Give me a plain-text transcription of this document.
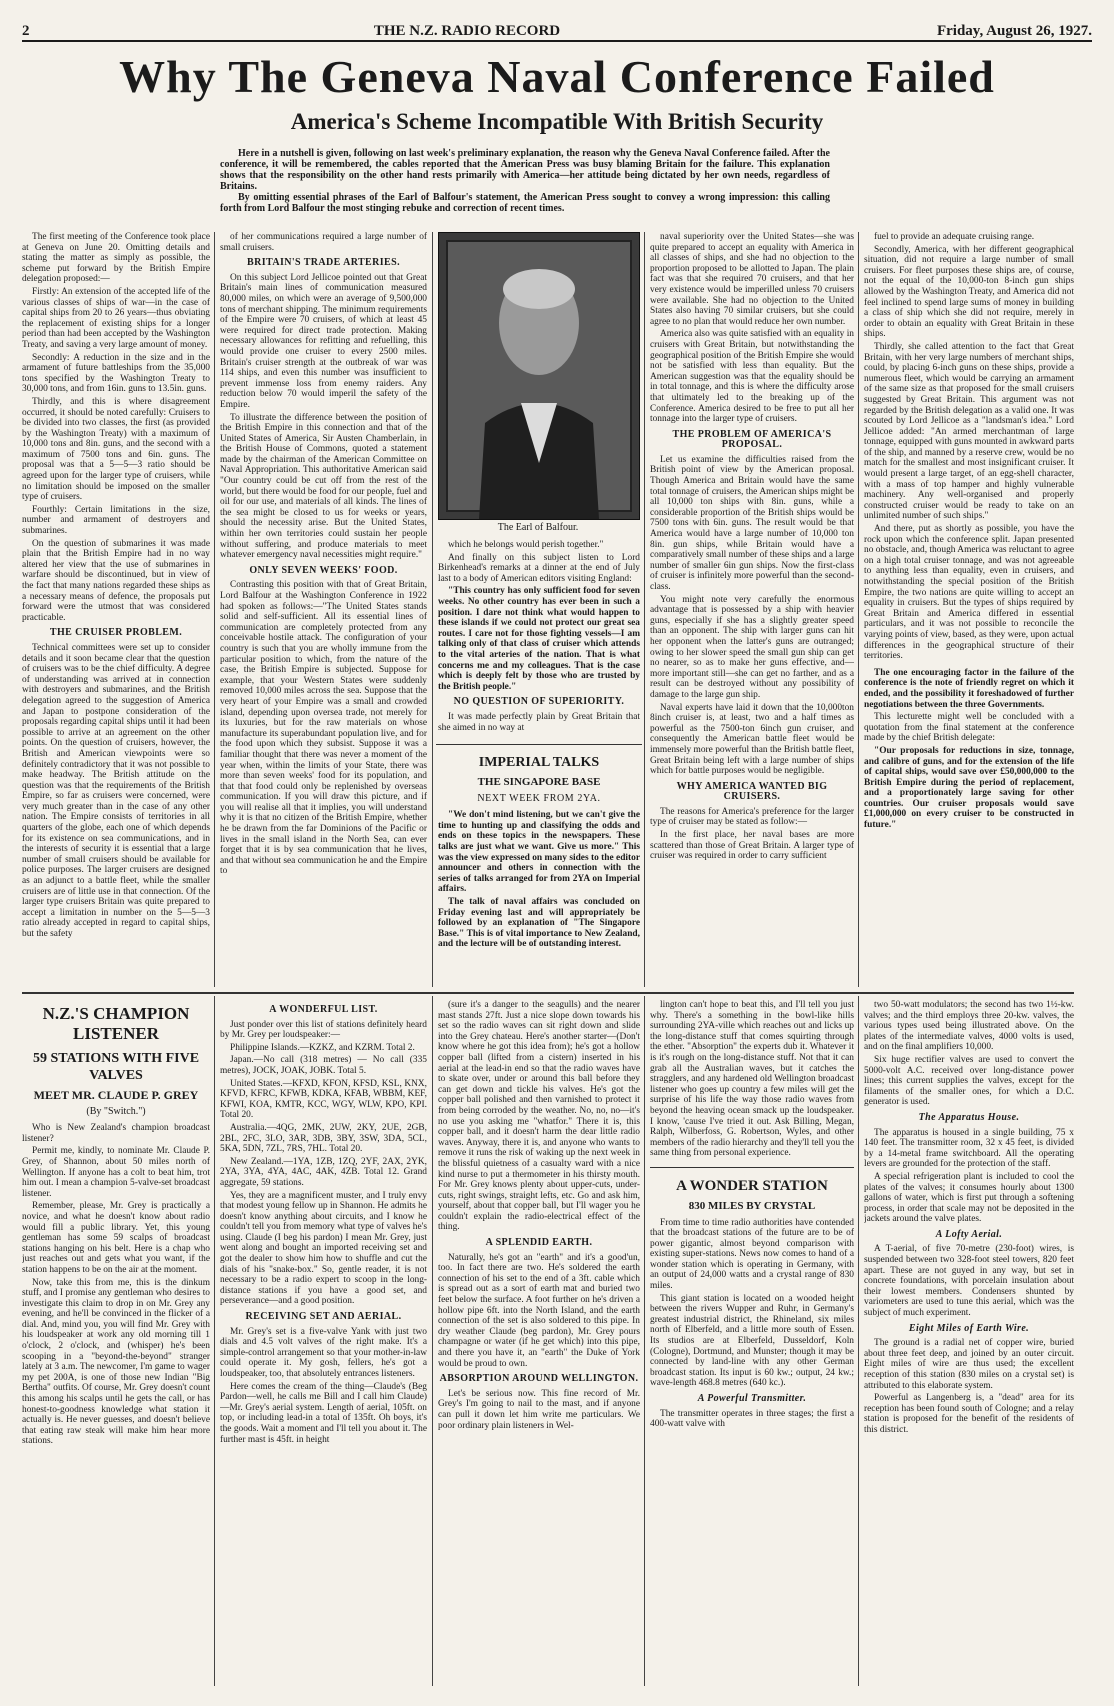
2	THE N.Z. RADIO RECORD	Friday, August 26, 1927.
Why The Geneva Naval Conference Failed
America's Scheme Incompatible With British Security

Here in a nutshell is given, following on last week's preliminary explanation, the reason why the Geneva Naval Conference failed. After the conference, it will be remembered, the cables reported that the American Press was busy blaming Britain for the failure. This explanation shows that the responsibility on the other hand rests primarily with America—her attitude being dictated by her own needs, regardless of Britains.

By omitting essential phrases of the Earl of Balfour's statement, the American Press sought to convey a wrong impression: this calling forth from Lord Balfour the most stinging rebuke and correction of recent times.

The first meeting of the Conference took place at Geneva on June 20. Omitting details and stating the matter as simply as possible, the scheme put forward by the British Empire delegation proposed:—

Firstly: An extension of the accepted life of the various classes of ships of war—in the case of capital ships from 20 to 26 years—thus obviating the replacement of existing ships for a longer period than had been accepted by the Washington Treaty, and saving a very large amount of money.

Secondly: A reduction in the size and in the armament of future battleships from the 35,000 tons specified by the Washington Treaty to 30,000 tons, and from 16in. guns to 13.5in. guns.

Thirdly, and this is where disagreement occurred, it should be noted carefully: Cruisers to be divided into two classes, the first (as provided by the Washington Treaty) with a maximum of 10,000 tons and 8in. guns, and the second with a maximum of 7500 tons and 6in. guns. The proposal was that a 5—5—3 ratio should be agreed upon for the larger type of cruisers, while no limitation should be imposed on the smaller type of cruisers.

Fourthly: Certain limitations in the size, number and armament of destroyers and submarines.

On the question of submarines it was made plain that the British Empire had in no way altered her view that the use of submarines in warfare should be discontinued, but in view of the fact that many nations regarded these ships as a necessary means of defence, the proposals put forward were the utmost that was considered practicable.

THE CRUISER PROBLEM.

Technical committees were set up to consider details and it soon became clear that the question of cruisers was to be the chief difficulty. A degree of understanding was arrived at in connection with destroyers and submarines, and the British delegation agreed to the suggestion of America and Japan to postpone consideration of the proposals regarding capital ships until it had been possible to arrive at an agreement on the other points. On the question of cruisers, however, the British and American viewpoints were so definitely contradictory that it was not possible to make headway. The British attitude on the question was that the requirements of the British Empire, so far as cruisers were concerned, were very much greater than in the case of any other nation. The Empire consists of territories in all quarters of the globe, each one of which depends for its existence on sea communications, and in the interests of security it is essential that a large number of small cruisers should be available for police purposes. The larger cruisers are designed as an adjunct to a battle fleet, while the smaller cruisers are of little use in that connection. Of the larger type cruisers Britain was quite prepared to accept a limitation in number on the 5—5—3 ratio already accepted in regard to capital ships, but the safety

of her communications required a large number of small cruisers.

BRITAIN'S TRADE ARTERIES.

On this subject Lord Jellicoe pointed out that Great Britain's main lines of communication measured 80,000 miles, on which were an average of 9,500,000 tons of merchant shipping. The minimum requirements of the Empire were 70 cruisers, of which at least 45 were required for direct trade protection. Making necessary allowances for refitting and refuelling, this would provide one cruiser to every 2500 miles. Britain's cruiser strength at the outbreak of war was 114 ships, and even this number was insufficient to prevent immense loss from enemy raiders. Any reduction below 70 would imperil the safety of the Empire.

To illustrate the difference between the position of the British Empire in this connection and that of the United States of America, Sir Austen Chamberlain, in the British House of Commons, quoted a statement made by the chairman of the American Committee on Naval Appropriation. This authoritative American said "Our country could be cut off from the rest of the world, but there would be food for our people, fuel and oil for our use, and materials of all kinds. The lines of the sea might be closed to us for weeks or years, should the necessity arise. But the United States, within her own territories could sustain her people without suffering, and produce materials to meet whatever emergency naval necessities might require."

ONLY SEVEN WEEKS' FOOD.

Contrasting this position with that of Great Britain, Lord Balfour at the Washington Conference in 1922 had spoken as follows:—"The United States stands solid and self-sufficient. All its essential lines of communication are completely protected from any conceivable hostile attack. The configuration of your country is such that you are wholly immune from the particular position to which, from the nature of the case, the British Empire is subjected. Suppose for example, that your Western States were suddenly removed 10,000 miles across the sea. Suppose that the very heart of your Empire was a small and crowded island, depending upon oversea trade, not merely for its luxuries, but for the raw materials on whose manufacture its superabundant population live, and for the food upon which they subsist. Suppose it was a familiar thought that there was never a moment of the year when, within the limits of your State, there was more than seven weeks' food for its population, and that that food could only be replenished by overseas communication. If you will draw this picture, and if you will realise all that it implies, you will understand why it is that no citizen of the British Empire, whether he be drawn from the far Dominions of the Pacific or lives in the small island in the North Sea, can ever forget that it is by sea communication that he lives, and that without sea communication he and the Empire to

The Earl of Balfour.

which he belongs would perish together."

And finally on this subject listen to Lord Birkenhead's remarks at a dinner at the end of July last to a body of American editors visiting England:

"This country has only sufficient food for seven weeks. No other country has ever been in such a position. I dare not think what would happen to these islands if we could not protect our great sea routes. I care not for those fighting vessels—I am talking only of that class of cruiser which attends to the vital arteries of the nation. That is what concerns me and my colleagues. That is the case which is deeply felt by those who are trusted by the British people."

NO QUESTION OF SUPERIORITY.

It was made perfectly plain by Great Britain that she aimed in no way at

IMPERIAL TALKS
THE SINGAPORE BASE
NEXT WEEK FROM 2YA.

"We don't mind listening, but we can't give the time to hunting up and classifying the odds and ends on these topics in the newspapers. These talks are just what we want. Give us more." This was the view expressed on many sides to the editor announcer and others in connection with the series of talks arranged for from 2YA on Imperial affairs.

The talk of naval affairs was concluded on Friday evening last and will appropriately be followed by an explanation of "The Singapore Base." This is of vital importance to New Zealand, and the lecture will be of outstanding interest.

naval superiority over the United States—she was quite prepared to accept an equality with America in all classes of ships, and she had no objection to the proportion proposed to be allotted to Japan. The plain fact was that she required 70 cruisers, and that her very existence would be imperilled unless 70 cruisers were available. She had no objection to the United States also having 70 similar cruisers, but she could agree to no plan that would reduce her own number.

America also was quite satisfied with an equality in cruisers with Great Britain, but notwithstanding the geographical position of the British Empire she would not be satisfied with less than equality. But the American suggestion was that the equality should be in total tonnage, and this is where the difficulty arose that ultimately led to the breaking up of the Conference. America desired to be free to put all her tonnage into the larger type of cruisers.

THE PROBLEM OF AMERICA'S PROPOSAL.

Let us examine the difficulties raised from the British point of view by the American proposal. Though America and Britain would have the same total tonnage of cruisers, the American ships might be all 10,000 ton ships with 8in. guns, while a considerable proportion of the British ships would be 7500 tons with 6in. guns. The result would be that America would have a large number of 10,000 ton 8in. gun ships, while Britain would have a comparatively small number of these ships and a large number of smaller 6in gun ships. Now the first-class of cruiser is infinitely more powerful than the second-class.

You might note very carefully the enormous advantage that is possessed by a ship with heavier guns, especially if she has a slightly greater speed than an opponent. The ship with larger guns can hit her opponent when the latter's guns are outranged; owing to her slower speed the small gun ship can get no nearer, so as to make her guns effective, and—more important still—she can get no farther, and as a result can be destroyed without any possibility of damage to the large gun ship.

Naval experts have laid it down that the 10,000ton 8inch cruiser is, at least, two and a half times as powerful as the 7500-ton 6inch gun cruiser, and consequently the American battle fleet would be immensely more powerful than the British battle fleet, Great Britain being left with a large number of ships which for battle purposes would be negligible.

WHY AMERICA WANTED BIG CRUISERS.

The reasons for America's preference for the larger type of cruiser may be stated as follow:—

In the first place, her naval bases are more scattered than those of Great Britain. A larger type of cruiser was required in order to carry sufficient

fuel to provide an adequate cruising range.

Secondly, America, with her different geographical situation, did not require a large number of small cruisers. For fleet purposes these ships are, of course, not the equal of the 10,000-ton 8-inch gun ships allowed by the Washington Treaty, and America did not feel inclined to spend large sums of money in building a class of ship which she did not require, merely in order to obtain an equality with Great Britain in these ships.

Thirdly, she called attention to the fact that Great Britain, with her very large numbers of merchant ships, could, by placing 6-inch guns on these ships, provide a numerous fleet, which would be carrying an armament of the same size as that proposed for the small cruisers suggested by Great Britain. This argument was not regarded by the British delegation as a valid one. It was scouted by Lord Jellicoe as a "landsman's idea." Lord Jellicoe added: "An armed merchantman of large tonnage, equipped with guns mounted in awkward parts of the ship, and manned by a reserve crew, would be no match for the smallest and most insignificant cruiser. It would present a large target, of an egg-shell character, with a mass of top hamper and highly vulnerable machinery. Any well-organised and properly constructed cruiser would be ready to take on an unlimited number of such ships."

And there, put as shortly as possible, you have the rock upon which the conference split. Japan presented no obstacle, and, though America was reluctant to agree on a high total cruiser tonnage, and was not agreeable to anything less than equality, even in cruisers, and notwithstanding the special position of the British Empire, the two nations are quite willing to accept an equality in cruisers. But the types of ships required by Great Britain and America differed in essential particulars, and it was not possible to reconcile the varying points of view, based, as they were, upon actual differences in the geographical structure of their territories.

The one encouraging factor in the failure of the conference is the note of friendly regret on which it ended, and the possibility it foreshadowed of further negotiations between the three Governments.

This lecturette might well be concluded with a quotation from the final statement at the conference made by the chief British delegate:

"Our proposals for reductions in size, tonnage, and calibre of guns, and for the extension of the life of capital ships, would save over £50,000,000 to the British Empire during the period of replacement, and a proportionately large saving for other countries. Our cruiser proposals would save £1,000,000 on every cruiser to be constructed in future."

N.Z.'S CHAMPION LISTENER
59 STATIONS WITH FIVE VALVES
MEET MR. CLAUDE P. GREY
(By "Switch.")

Who is New Zealand's champion broadcast listener?

Permit me, kindly, to nominate Mr. Claude P. Grey, of Shannon, about 50 miles north of Wellington. If anyone has a colt to beat him, trot him out. I mean a champion 5-valve-set broadcast listener.

Remember, please, Mr. Grey is practically a novice, and what he doesn't know about radio would fill a public library. Yet, this young gentleman has some 59 scalps of broadcast stations hanging on his belt. Here is a chap who just reaches out and gets what you want, if the station happens to be on the air at the moment.

Now, take this from me, this is the dinkum stuff, and I promise any gentleman who desires to investigate this claim to drop in on Mr. Grey any evening, and he'll be convinced in the flicker of a dial. And, mind you, you will find Mr. Grey with his loudspeaker at work any old morning till 1 o'clock, 2 o'clock, and (whisper) he's been scooping in a "beyond-the-beyond" stranger lately at 3 a.m. The newcomer, I'm game to wager my pet 200A, is one of those new Indian "Big Bertha" outfits. Of course, Mr. Grey doesn't count this among his scalps until he gets the call, or has honest-to-goodness knowledge what station it actually is. He never guesses, and doesn't believe that eating raw steak will make him hear more stations.

A WONDERFUL LIST.

Just ponder over this list of stations definitely heard by Mr. Grey per loudspeaker:—

Philippine Islands.—KZKZ, and KZRM. Total 2.

Japan.—No call (318 metres) — No call (335 metres), JOCK, JOAK, JOBK. Total 5.

United States.—KFXD, KFON, KFSD, KSL, KNX, KFVD, KFRC, KFWB, KDKA, KFAB, WBBM, KEF, KFWI, KOA, KMTR, KCC, WGY, WLW, KPO, KPI. Total 20.

Australia.—4QG, 2MK, 2UW, 2KY, 2UE, 2GB, 2BL, 2FC, 3LO, 3AR, 3DB, 3BY, 3SW, 3DA, 5CL, 5KA, 5DN, 7ZL, 7RS, 7HL. Total 20.

New Zealand.—1YA, 1ZB, 1ZQ, 2YF, 2AX, 2YK, 2YA, 3YA, 4YA, 4AC, 4AK, 4ZB. Total 12. Grand aggregate, 59 stations.

Yes, they are a magnificent muster, and I truly envy that modest young fellow up in Shannon. He admits he doesn't know anything about circuits, and I know he couldn't tell you from memory what type of valves he's using. Claude (I beg his pardon) I mean Mr. Grey, just went along and bought an imported receiving set and got the dealer to show him how to shuffle and cut the dials of his "snake-box." So, gentle reader, it is not necessary to be a radio expert to scoop in the long-distance stations if you have a good set, and perseverance—and a good position.

RECEIVING SET AND AERIAL.

Mr. Grey's set is a five-valve Yank with just two dials and 4.5 volt valves of the right make. It's a simple-control arrangement so that your mother-in-law could operate it. My gosh, fellers, he's got a loudspeaker, too, that absolutely entrances listeners.

Here comes the cream of the thing—Claude's (Beg Pardon—well, he calls me Bill and I call him Claude)—Mr. Grey's aerial system. Length of aerial, 105ft. on top, or including lead-in a total of 135ft. Oh boys, it's the goods. Wait a moment and I'll tell you about it. The further mast is 45ft. in height

(sure it's a danger to the seagulls) and the nearer mast stands 27ft. Just a nice slope down towards his set so the radio waves can sit right down and slide into the Grey chateau. Here's another starter—(Don't know where he got this idea from); he's got a hollow copper ball (lifted from a cistern) inserted in his aerial at the lead-in end so that the radio waves have to skate over, under or around this ball before they can get down and tickle his valves. He's got the copper ball polished and then varnished to protect it from being corroded by the weather. No, no, no—it's no use you asking me "whatfor." There it is, this copper ball, and it doesn't harm the dear little radio waves. Anyway, there it is, and anyone who wants to remove it runs the risk of waking up the next week in the blissful quietness of a casualty ward with a nice kind nurse to put a thermometer in his thirsty mouth. For Mr. Grey knows plenty about upper-cuts, under-cuts, right swings, straight lefts, etc. Go and ask him, yourself, about that copper ball, but I'll wager you he couldn't explain the radio-electrical effect of the thing.

A SPLENDID EARTH.

Naturally, he's got an "earth" and it's a good'un, too. In fact there are two. He's soldered the earth connection of his set to the end of a 3ft. cable which is spread out as a sort of earth mat and buried two feet below the surface. A foot further on he's driven a hollow pipe 6ft. into the North Island, and the earth connection of the set is also soldered to this pipe. In dry weather Claude (beg pardon), Mr. Grey pours champagne or water (if he get which) into this pipe, and there you have it, an "earth" the Duke of York would be proud to own.

ABSORPTION AROUND WELLINGTON.

Let's be serious now. This fine record of Mr. Grey's I'm going to nail to the mast, and if anyone can pull it down let him write me particulars. We poor ordinary plain listeners in Wel-

lington can't hope to beat this, and I'll tell you just why. There's a something in the bowl-like hills surrounding 2YA-ville which reaches out and licks up the long-distance stuff that comes squirting through the ether. "Absorption" the experts dub it. Whatever it is it's rough on the long-distance stuff. Not that it can grab all the Australian waves, but it catches the stragglers, and any hardened old Wellington broadcast listener who goes up country a few miles will get the surprise of his life the way those radio waves from beyond the heaving ocean smack up the loudspeaker. I know, 'cause I've tried it out. Ask Billing, Megan, Ralph, Wilberfoss, G. Robertson, Wyles, and other members of the radio hierarchy and they'll tell you the same thing from personal experience.

A WONDER STATION
830 MILES BY CRYSTAL

From time to time radio authorities have contended that the broadcast stations of the future are to be of power gigantic, almost beyond comparison with existing super-stations. News now comes to hand of a wonder station which is operating in Germany, with an output of 24,000 watts and a crystal range of 830 miles.

This giant station is located on a wooded height between the rivers Wupper and Ruhr, in Germany's greatest industrial district, the Rhineland, six miles north of Elberfeld, and a little more south of Essen. Its studios are at Elberfeld, Dusseldorf, Koln (Cologne), Dortmund, and Munster; though it may be connected by land-line with any other German broadcast station. Its input is 60 kw.; output, 24 kw.; wave-length 468.8 metres (640 kc.).

A Powerful Transmitter.

The transmitter operates in three stages; the first a 400-watt valve with

two 50-watt modulators; the second has two 1½-kw. valves; and the third employs three 20-kw. valves, the various types used being illustrated above. On the plates of the intermediate valves, 4000 volts is used, and on the final amplifiers 10,000.

Six huge rectifier valves are used to convert the 5000-volt A.C. received over long-distance power lines; this current supplies the valves, except for the filaments of the smaller ones, for which a D.C. generator is used.

The Apparatus House.

The apparatus is housed in a single building, 75 x 140 feet. The transmitter room, 32 x 45 feet, is divided by a 14-metal frame switchboard. All the operating levers are grounded for the protection of the staff.

A special refrigeration plant is included to cool the plates of the valves; it consumes hourly about 1300 gallons of water, which is first put through a softening process, in order that scale may not be deposited in the jackets around the valve plates.

A Lofty Aerial.

A T-aerial, of five 70-metre (230-foot) wires, is suspended between two 328-foot steel towers, 820 feet apart. These are not guyed in any way, but set in concrete foundations, with porcelain insulation about their lowest members. Condensers shunted by variometers are used to tune this aerial, which was the subject of much experiment.

Eight Miles of Earth Wire.

The ground is a radial net of copper wire, buried about three feet deep, and joined by an outer circuit. Eight miles of wire are thus used; the excellent reception of this station (830 miles on a crystal set) is attributed to this elaborate system.

Powerful as Langenberg is, a "dead" area for its reception has been found south of Cologne; and a relay station is proposed for the benefit of the residents of this district.
